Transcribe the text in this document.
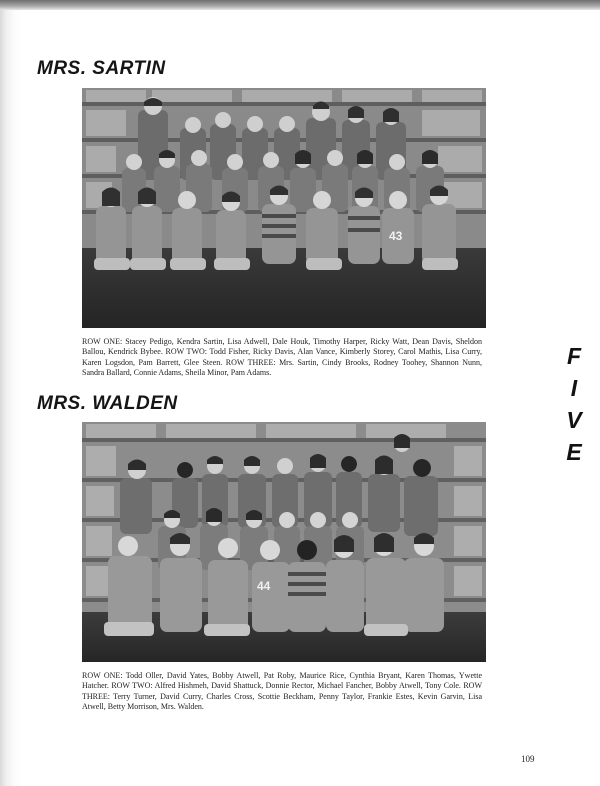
MRS. SARTIN
43

ROW ONE: Stacey Pedigo, Kendra Sartin, Lisa Adwell, Dale Houk, Timothy Harper, Ricky Watt, Dean Davis, Sheldon Ballou, Kendrick Bybee. ROW TWO: Todd Fisher, Ricky Davis, Alan Vance, Kimberly Storey, Carol Mathis, Lisa Curry, Karen Logsdon, Pam Barrett, Glee Steen. ROW THREE: Mrs. Sartin, Cindy Brooks, Rodney Toohey, Shannon Nunn, Sandra Ballard, Connie Adams, Sheila Minor, Pam Adams.

F
I
V
E
MRS. WALDEN
44

ROW ONE: Todd Oller, David Yates, Bobby Atwell, Pat Roby, Maurice Rice, Cynthia Bryant, Karen Thomas, Ywette Hatcher. ROW TWO: Alfred Hishmeh, David Shattuck, Donnie Rector, Michael Fancher, Bobby Atwell, Tony Cole. ROW THREE: Terry Turner, David Curry, Charles Cross, Scottie Beckham, Penny Taylor, Frankie Estes, Kevin Garvin, Lisa Atwell, Betty Morrison, Mrs. Walden.

109
